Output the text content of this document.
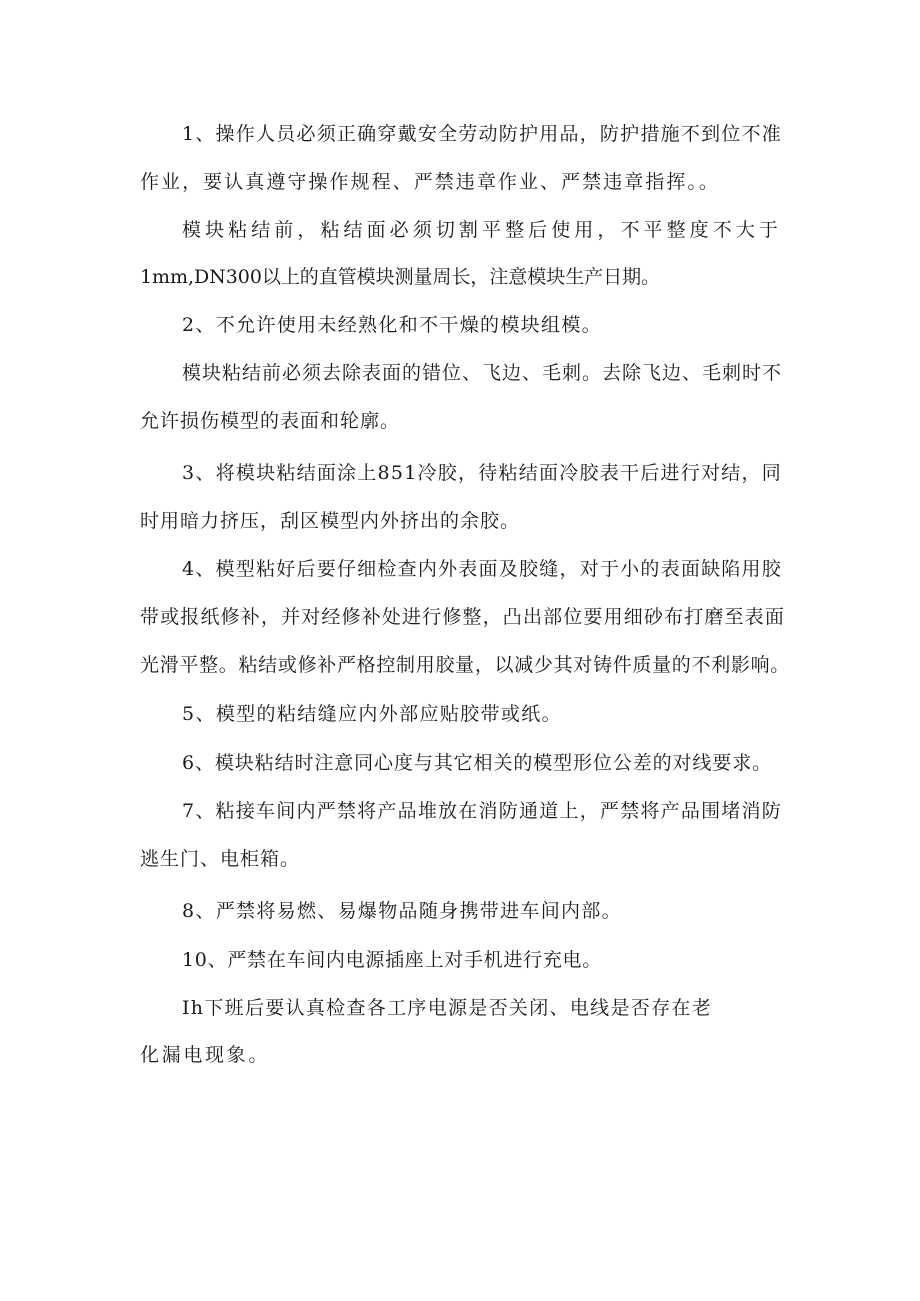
1、操作人员必须正确穿戴安全劳动防护用品，防护措施不到位不准
作业，要认真遵守操作规程、严禁违章作业、严禁违章指挥。。
模块粘结前，粘结面必须切割平整后使用，不平整度不大于
1mm,DN300以上的直管模块测量周长，注意模块生产日期。
2、不允许使用未经熟化和不干燥的模块组模。
模块粘结前必须去除表面的错位、飞边、毛刺。去除飞边、毛刺时不
允许损伤模型的表面和轮廓。
3、将模块粘结面涂上851冷胶，待粘结面冷胶表干后进行对结，同
时用暗力挤压，刮区模型内外挤出的余胶。
4、模型粘好后要仔细检查内外表面及胶缝，对于小的表面缺陷用胶
带或报纸修补，并对经修补处进行修整，凸出部位要用细砂布打磨至表面
光滑平整。粘结或修补严格控制用胶量，以减少其对铸件质量的不利影响。
5、模型的粘结缝应内外部应贴胶带或纸。
6、模块粘结时注意同心度与其它相关的模型形位公差的对线要求。
7、粘接车间内严禁将产品堆放在消防通道上，严禁将产品围堵消防
逃生门、电柜箱。
8、严禁将易燃、易爆物品随身携带进车间内部。
10、严禁在车间内电源插座上对手机进行充电。
Ih下班后要认真检查各工序电源是否关闭、电线是否存在老
化漏电现象。
